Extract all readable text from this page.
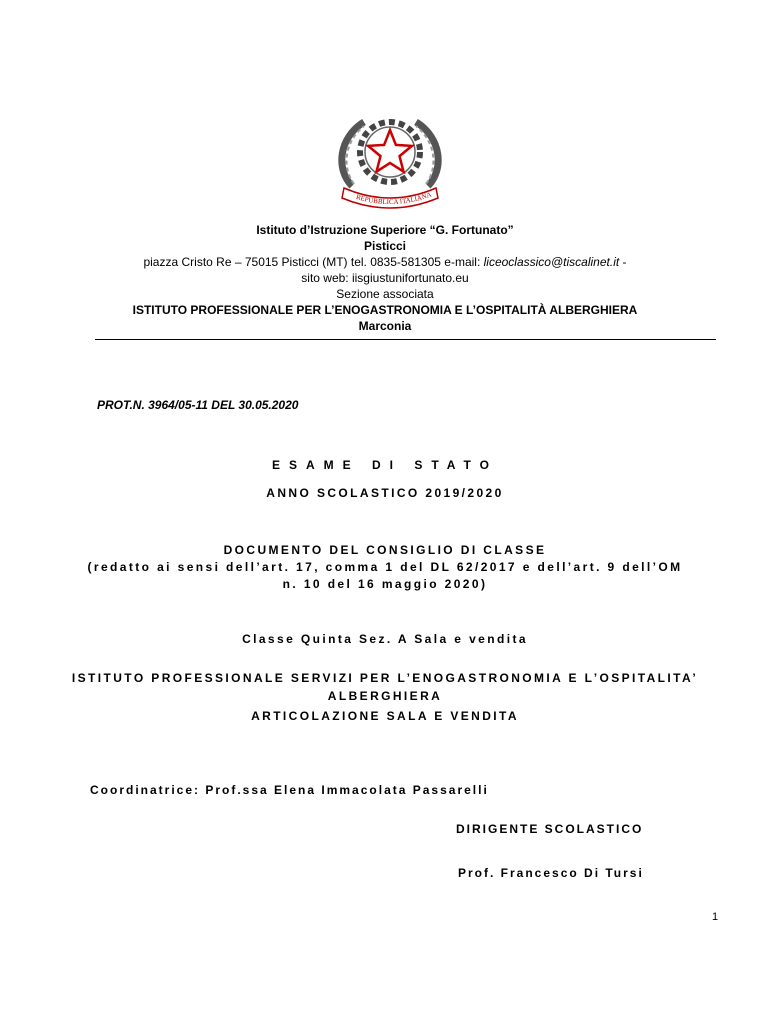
REPUBBLICA ITALIANA
Istituto d’Istruzione Superiore “G. Fortunato”
Pisticci
piazza Cristo Re – 75015 Pisticci (MT) tel. 0835-581305 e-mail: liceoclassico@tiscalinet.it -
sito web: iisgiustunifortunato.eu
Sezione associata
ISTITUTO PROFESSIONALE PER L’ENOGASTRONOMIA E L’OSPITALITÀ ALBERGHIERA
Marconia
PROT.N. 3964/05-11 DEL 30.05.2020
ESAME DI STATO
ANNO SCOLASTICO 2019/2020
DOCUMENTO DEL CONSIGLIO DI CLASSE
(redatto ai sensi dell’art. 17, comma 1 del DL 62/2017 e dell’art. 9 dell’OM
n. 10 del 16 maggio 2020)
Classe Quinta Sez. A Sala e vendita
ISTITUTO PROFESSIONALE SERVIZI PER L’ENOGASTRONOMIA E L’OSPITALITA’
ALBERGHIERA
ARTICOLAZIONE SALA E VENDITA
Coordinatrice: Prof.ssa Elena Immacolata Passarelli
DIRIGENTE SCOLASTICO
Prof. Francesco Di Tursi
1
